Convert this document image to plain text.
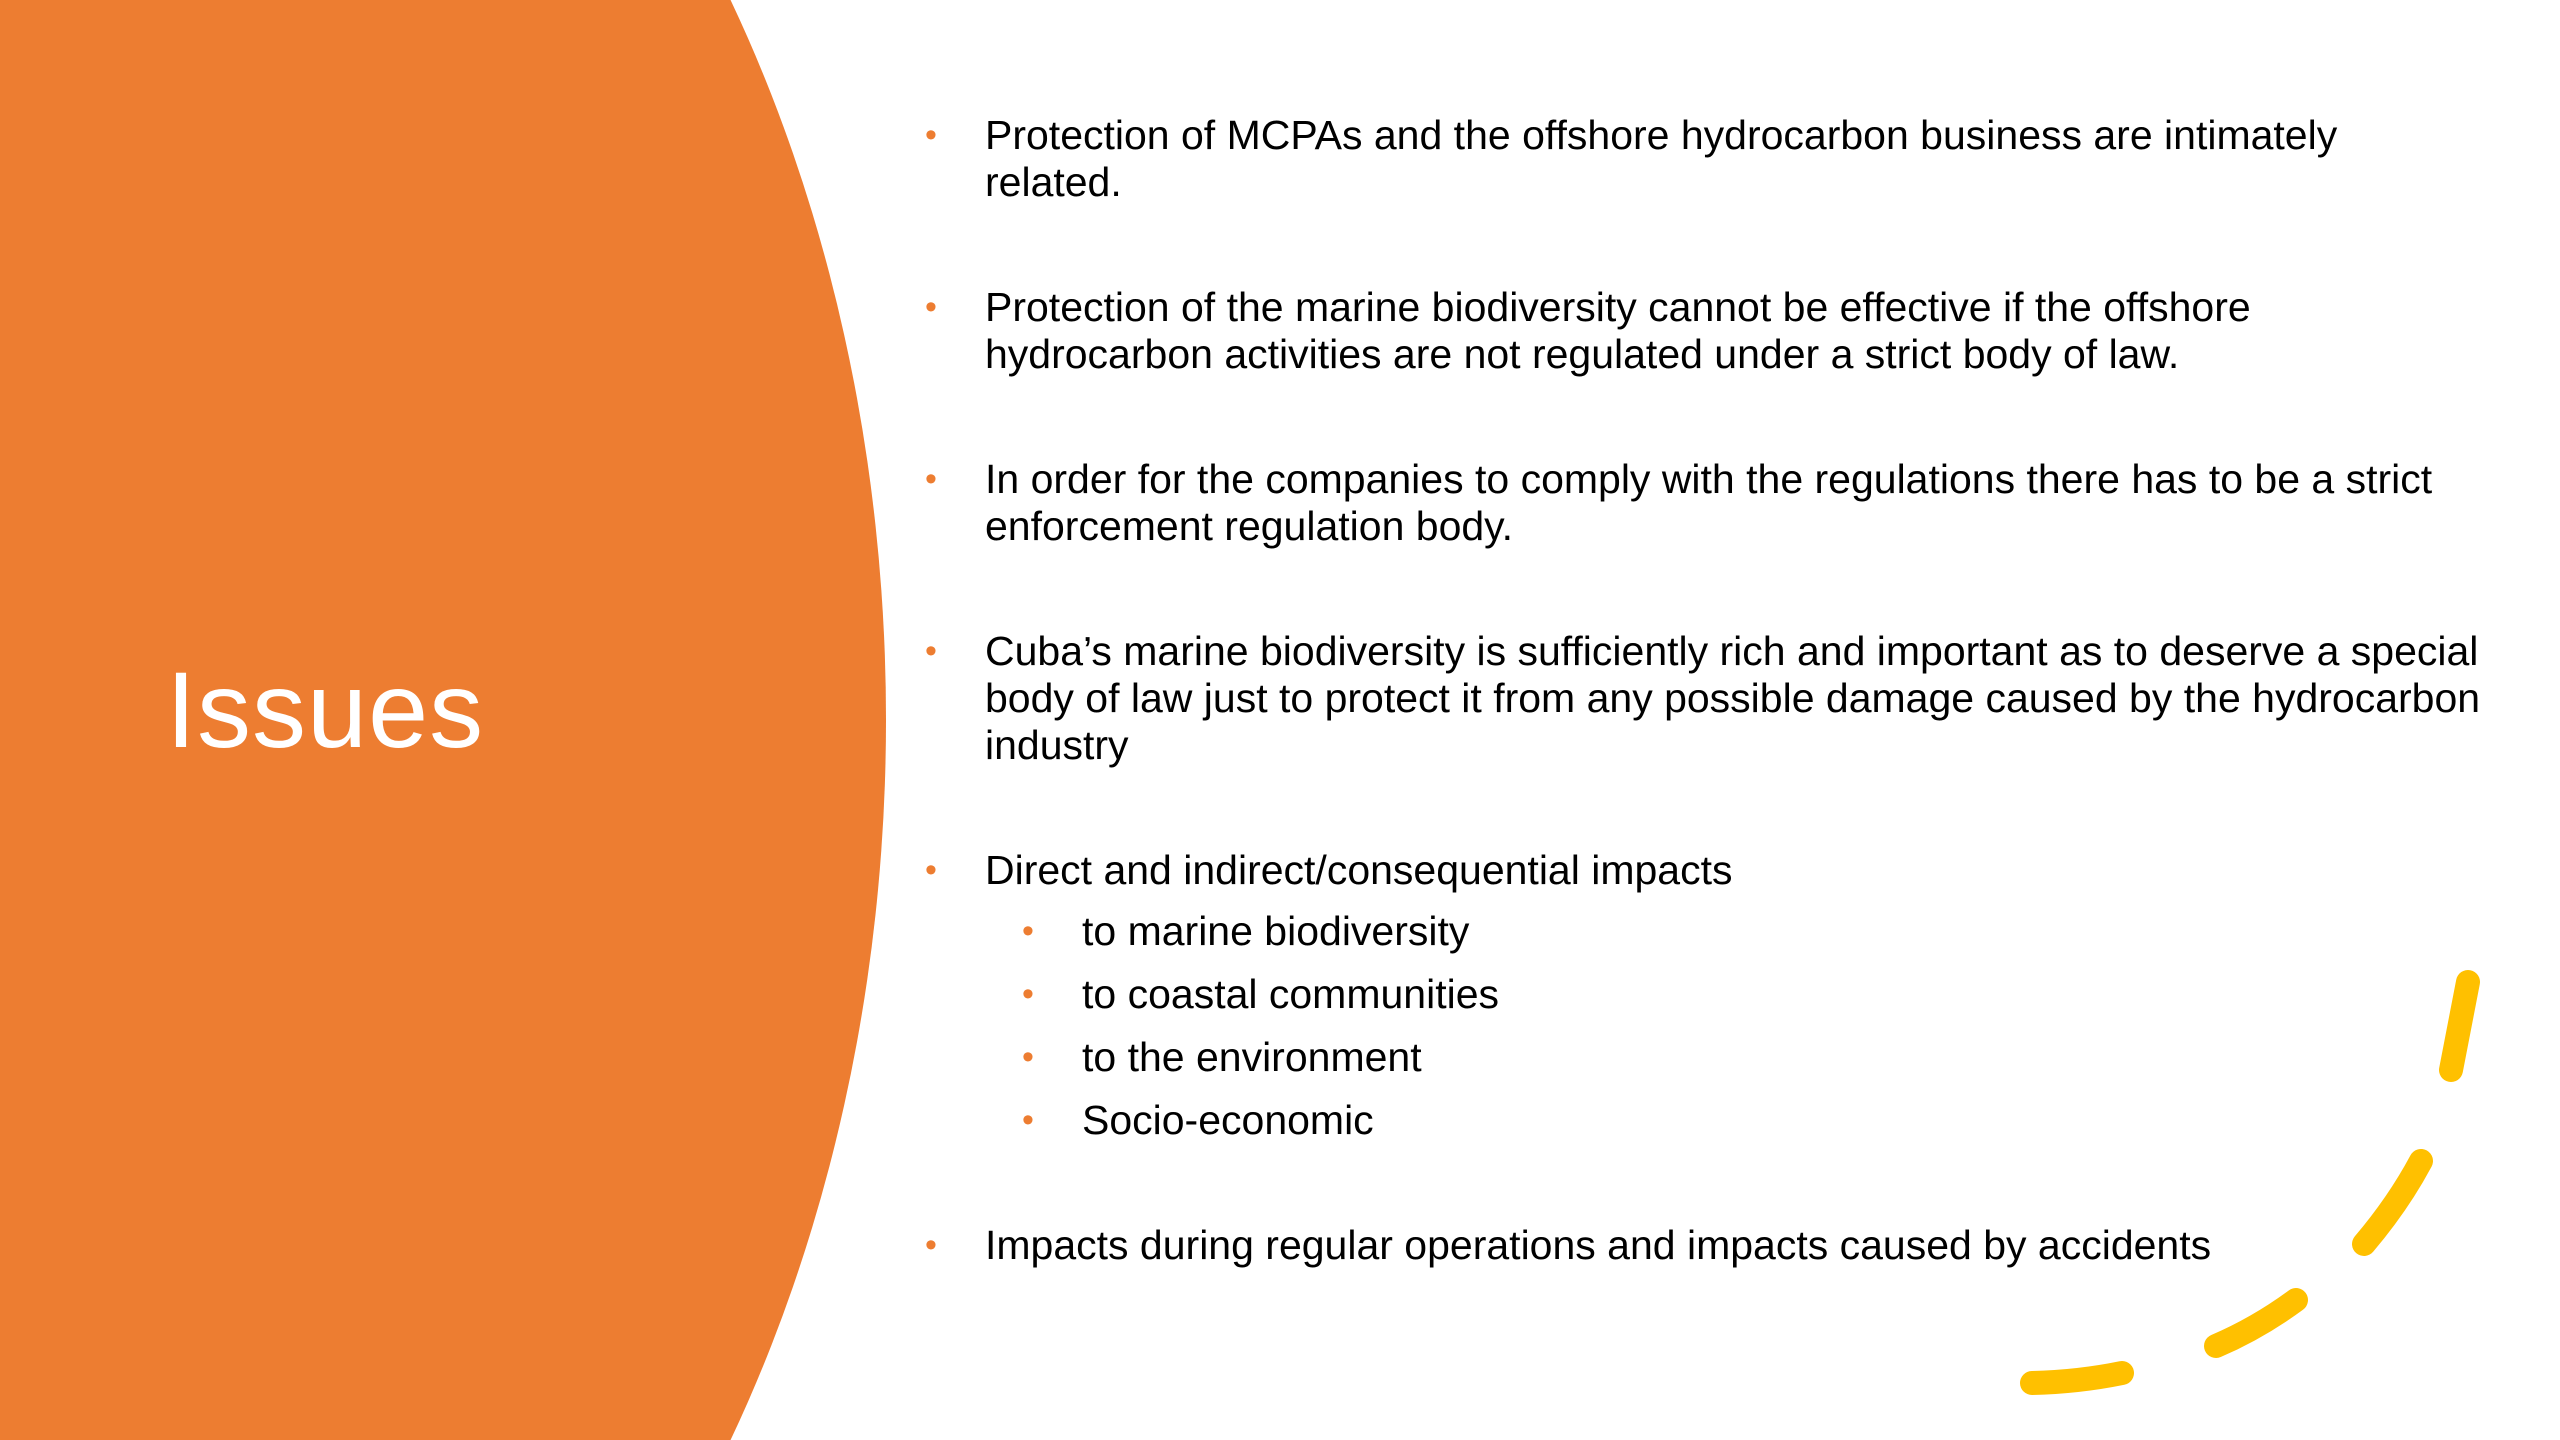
Issues
• Protection of MCPAs and the offshore hydrocarbon business are intimately related.
• Protection of the marine biodiversity cannot be effective if the offshore hydrocarbon activities are not regulated under a strict body of law.
• In order for the companies to comply with the regulations there has to be a strict enforcement regulation body.
• Cuba’s marine biodiversity is sufficiently rich and important as to deserve a special body of law just to protect it from any possible damage caused by the hydrocarbon industry
• Direct and indirect/consequential impacts
• to marine biodiversity
• to coastal communities
• to the environment
• Socio-economic
• Impacts during regular operations and impacts caused by accidents
